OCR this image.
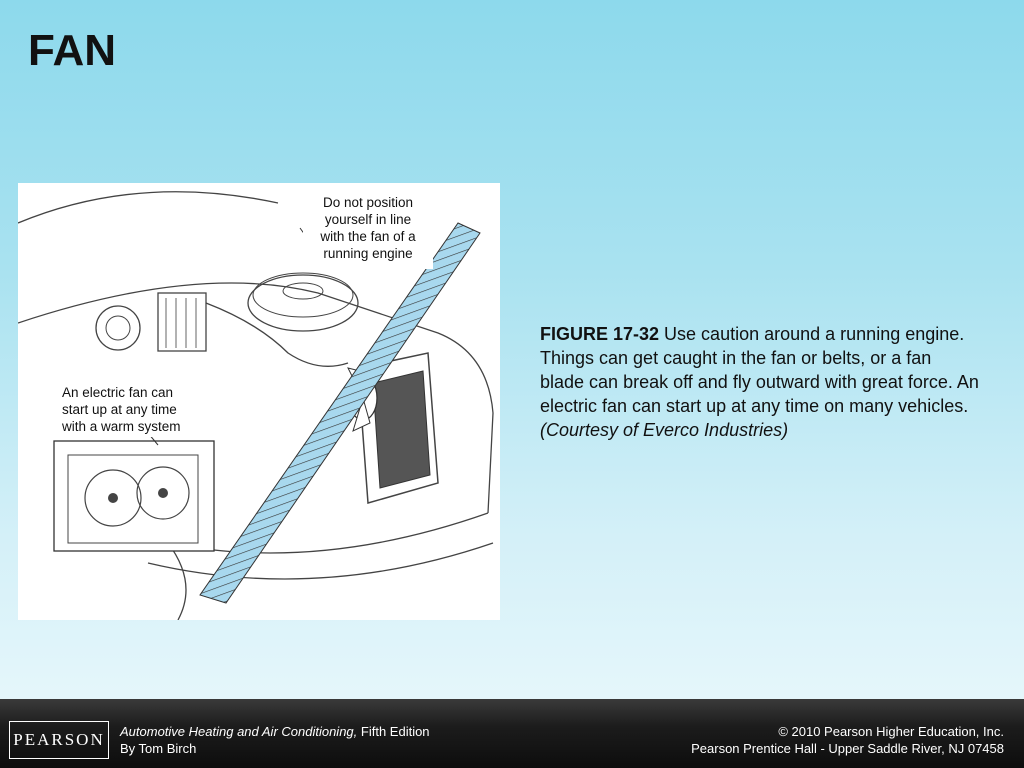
FAN
Do not position
yourself in line
with the fan of a
running engine
An electric fan can
start up at any time
with a warm system
FIGURE 17-32 Use caution around a running engine. Things can get caught in the fan or belts, or a fan blade can break off and fly outward with great force. An electric fan can start up at any time on many vehicles. (Courtesy of Everco Industries)
PEARSON	Automotive Heating and Air Conditioning, Fifth Edition
By Tom Birch
© 2010 Pearson Higher Education, Inc.
Pearson Prentice Hall - Upper Saddle River, NJ 07458
